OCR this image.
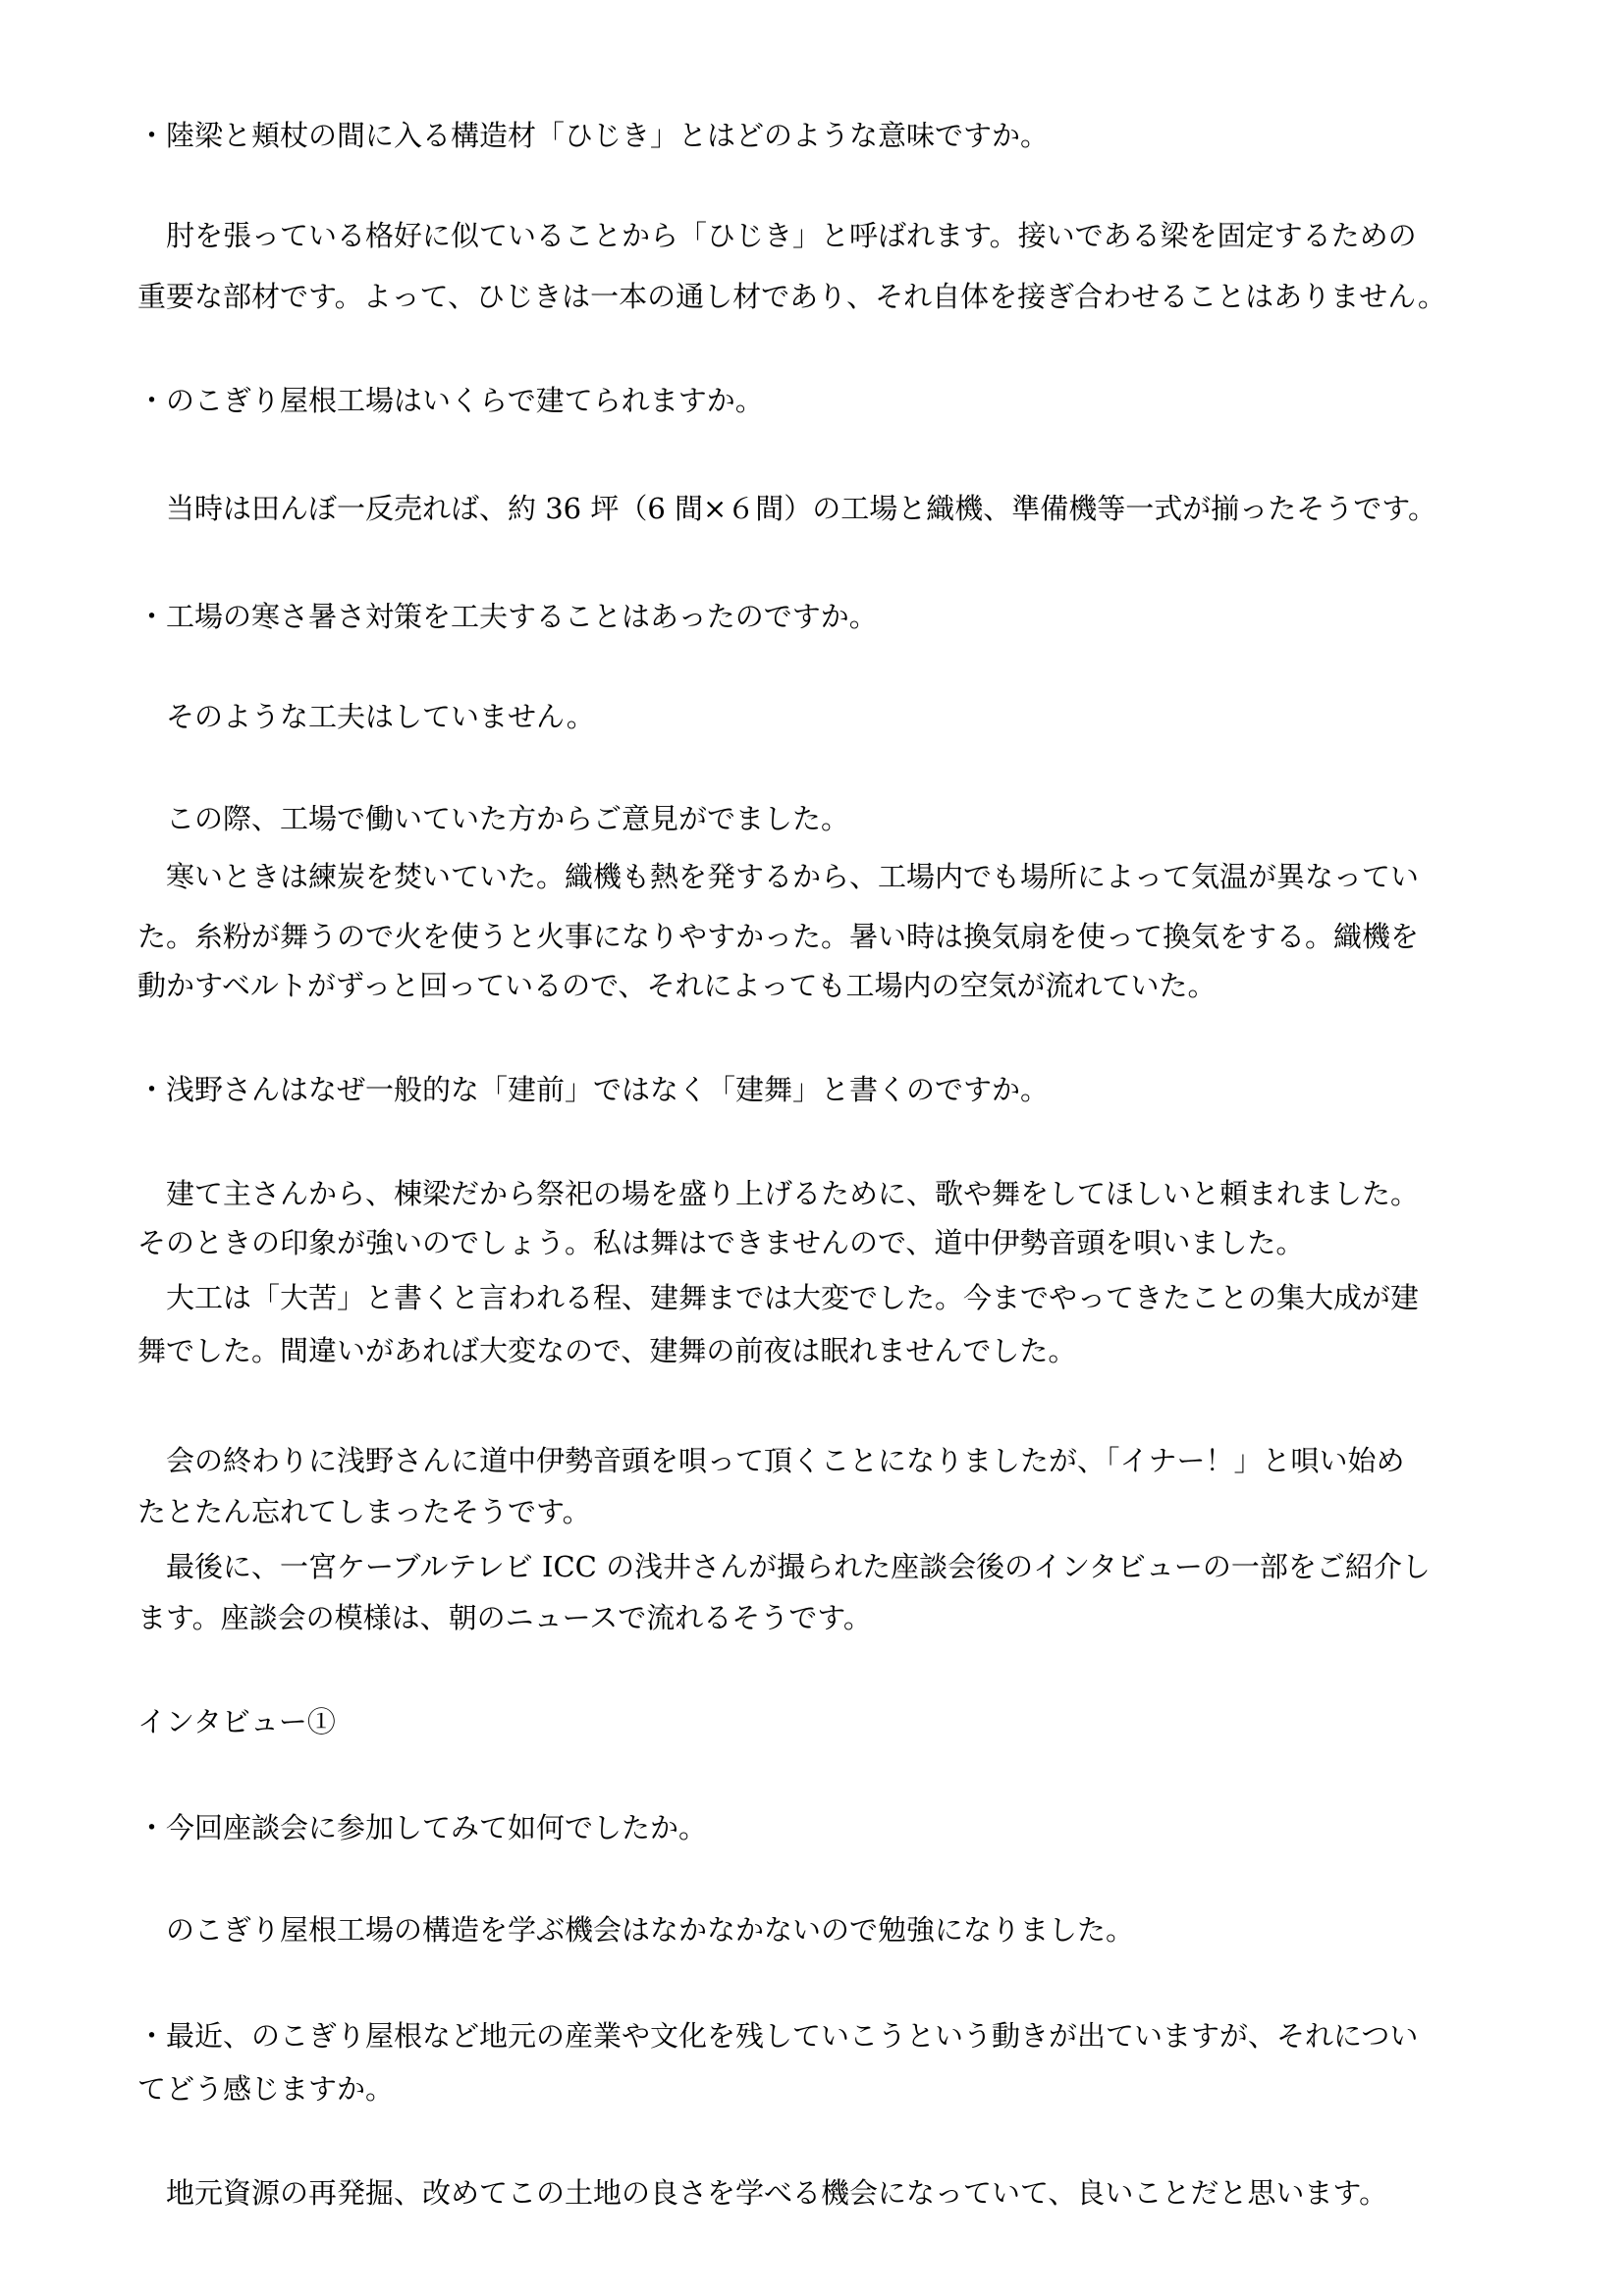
・陸梁と頬杖の間に入る構造材「ひじき」とはどのような意味ですか。
　肘を張っている格好に似ていることから「ひじき」と呼ばれます。接いである梁を固定するための
重要な部材です。よって、ひじきは一本の通し材であり、それ自体を接ぎ合わせることはありません。
・のこぎり屋根工場はいくらで建てられますか。
　当時は田んぼ一反売れば、約 36 坪（6 間×６間）の工場と織機、準備機等一式が揃ったそうです。
・工場の寒さ暑さ対策を工夫することはあったのですか。
　そのような工夫はしていません。
　この際、工場で働いていた方からご意見がでました。
　寒いときは練炭を焚いていた。織機も熱を発するから、工場内でも場所によって気温が異なってい
た。糸粉が舞うので火を使うと火事になりやすかった。暑い時は換気扇を使って換気をする。織機を
動かすベルトがずっと回っているので、それによっても工場内の空気が流れていた。
・浅野さんはなぜ一般的な「建前」ではなく「建舞」と書くのですか。
　建て主さんから、棟梁だから祭祀の場を盛り上げるために、歌や舞をしてほしいと頼まれました。
そのときの印象が強いのでしょう。私は舞はできませんので、道中伊勢音頭を唄いました。
　大工は「大苦」と書くと言われる程、建舞までは大変でした。今までやってきたことの集大成が建
舞でした。間違いがあれば大変なので、建舞の前夜は眠れませんでした。
　会の終わりに浅野さんに道中伊勢音頭を唄って頂くことになりましたが、「イナー！」と唄い始め
たとたん忘れてしまったそうです。
　最後に、一宮ケーブルテレビ ICC の浅井さんが撮られた座談会後のインタビューの一部をご紹介し
ます。座談会の模様は、朝のニュースで流れるそうです。
インタビュー①
・今回座談会に参加してみて如何でしたか。
　のこぎり屋根工場の構造を学ぶ機会はなかなかないので勉強になりました。
・最近、のこぎり屋根など地元の産業や文化を残していこうという動きが出ていますが、それについ
てどう感じますか。
　地元資源の再発掘、改めてこの土地の良さを学べる機会になっていて、良いことだと思います。
